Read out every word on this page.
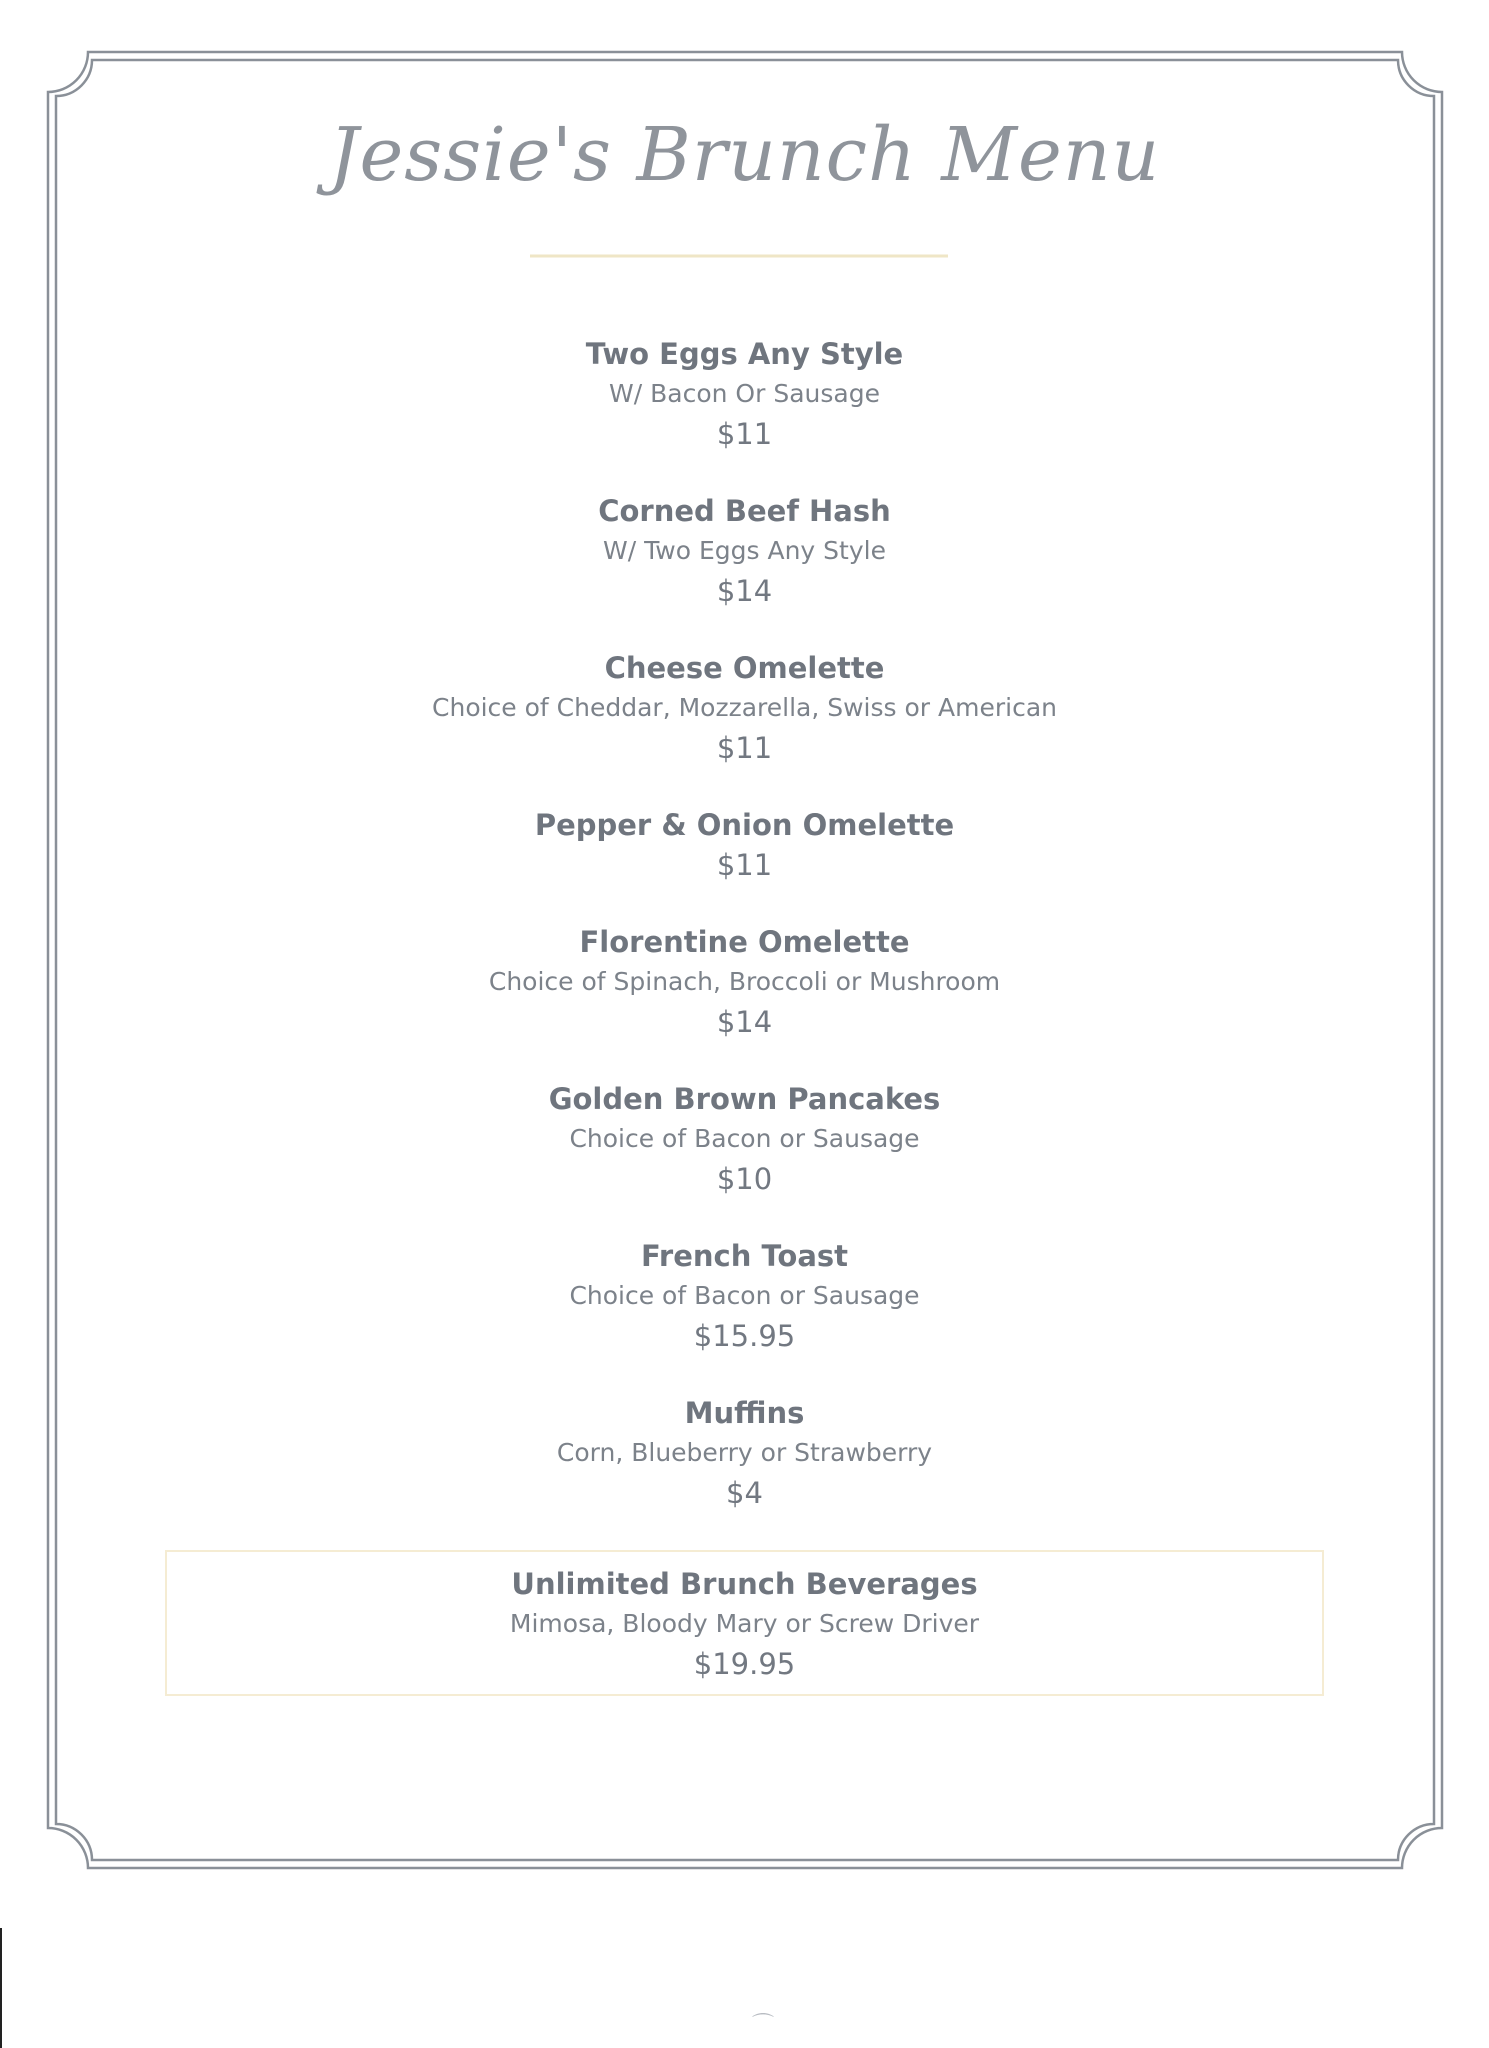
Jessie's Brunch Menu
Two Eggs Any Style
W/ Bacon Or Sausage
$11
Corned Beef Hash
W/ Two Eggs Any Style
$14
Cheese Omelette
Choice of Cheddar, Mozzarella, Swiss or American
$11
Pepper & Onion Omelette
$11
Florentine Omelette
Choice of Spinach, Broccoli or Mushroom
$14
Golden Brown Pancakes
Choice of Bacon or Sausage
$10
French Toast
Choice of Bacon or Sausage
$15.95
Muffins
Corn, Blueberry or Strawberry
$4
Unlimited Brunch Beverages
Mimosa, Bloody Mary or Screw Driver
$19.95
⌒
